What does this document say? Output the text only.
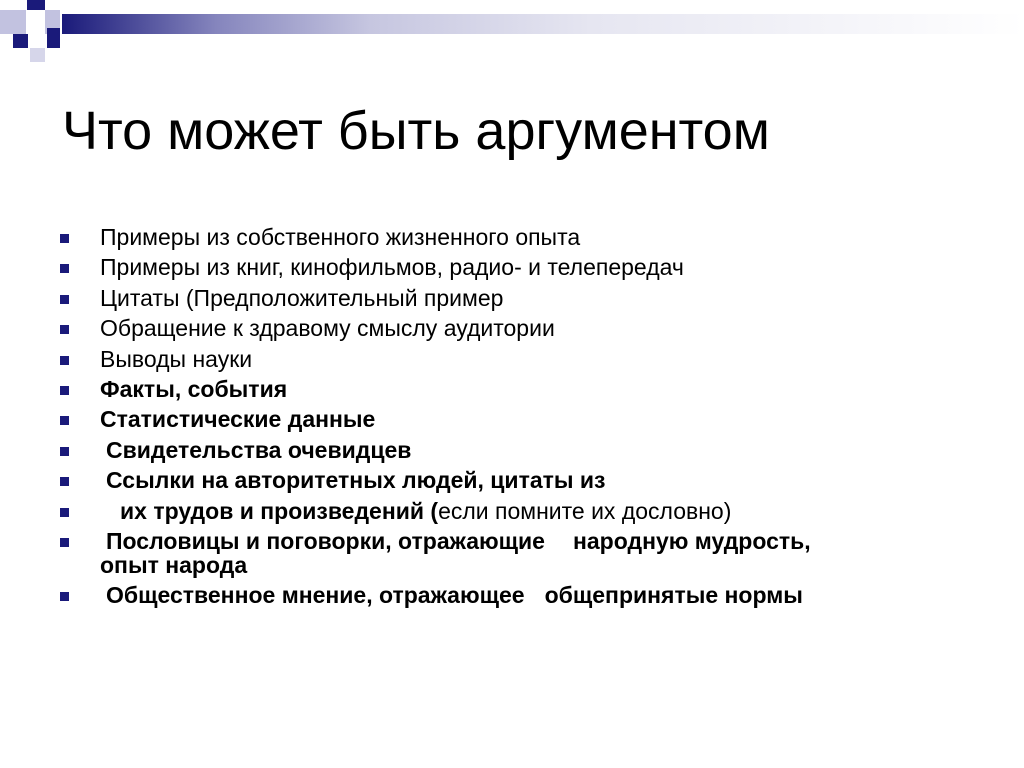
Что может быть аргументом
Примеры из собственного жизненного опыта
Примеры из книг, кинофильмов, радио- и телепередач
Цитаты (Предположительный пример
Обращение к здравому смыслу аудитории
Выводы науки
Факты, события
Статистические данные
Свидетельства очевидцев
Ссылки на авторитетных людей, цитаты из
их трудов и произведений (если помните их дословно)
Пословицы и поговорки, отражающие народную мудрость,
опыт народа
Общественное мнение, отражающее общепринятые нормы
